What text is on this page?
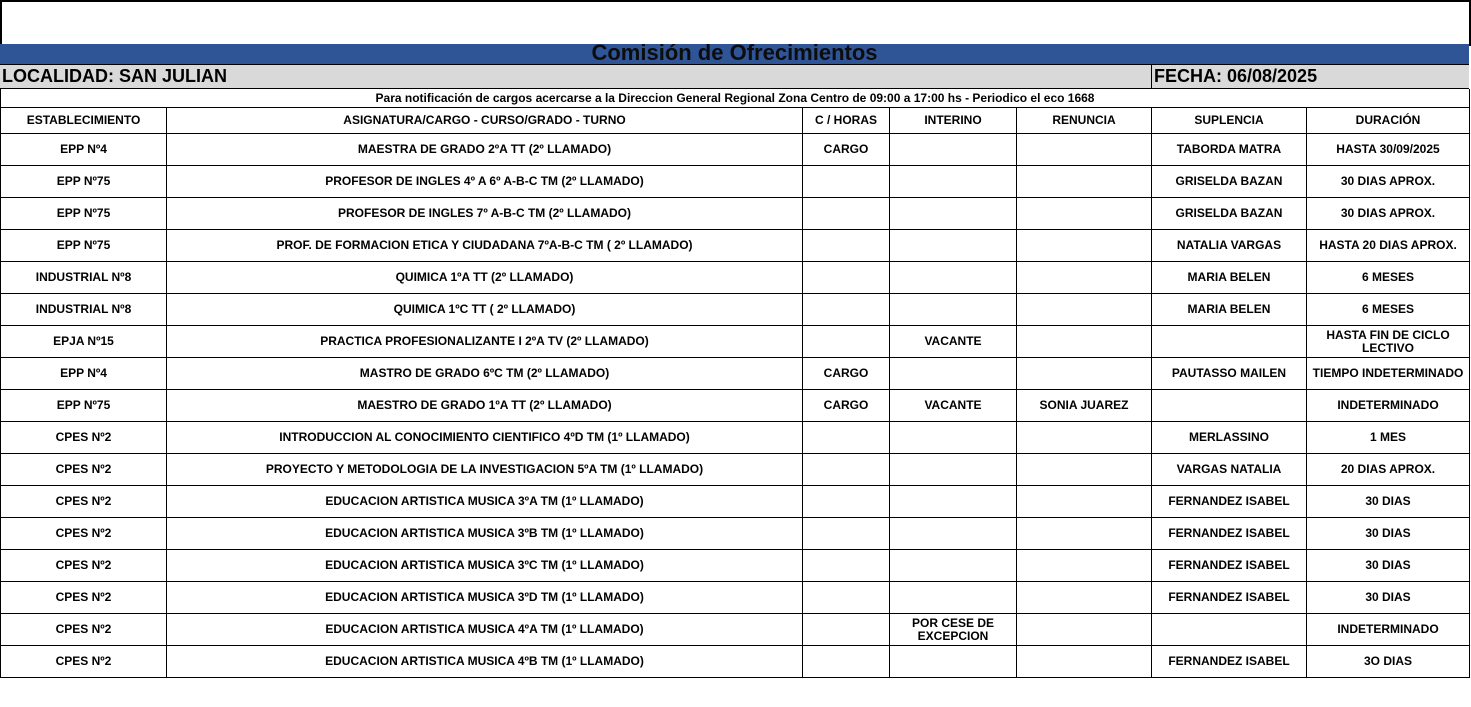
Comisión de Ofrecimientos
LOCALIDAD: SAN JULIAN	FECHA: 06/08/2025
Para notificación de cargos acercarse a la Direccion General Regional Zona Centro de 09:00 a 17:00 hs - Periodico el eco 1668
ESTABLECIMIENTO	ASIGNATURA/CARGO - CURSO/GRADO - TURNO	C / HORAS	INTERINO	RENUNCIA	SUPLENCIA	DURACIÓN
EPP Nº4	MAESTRA DE GRADO 2ºA TT (2º LLAMADO)	CARGO			TABORDA MATRA	HASTA 30/09/2025
EPP Nº75	PROFESOR DE INGLES 4º A 6º A-B-C TM (2º LLAMADO)				GRISELDA BAZAN	30 DIAS APROX.
EPP Nº75	PROFESOR DE INGLES 7º A-B-C TM (2º LLAMADO)				GRISELDA BAZAN	30 DIAS APROX.
EPP Nº75	PROF. DE FORMACION ETICA Y CIUDADANA 7ºA-B-C TM ( 2º LLAMADO)				NATALIA VARGAS	HASTA 20 DIAS APROX.
INDUSTRIAL Nº8	QUIMICA 1ºA TT (2º LLAMADO)				MARIA BELEN	6 MESES
INDUSTRIAL Nº8	QUIMICA 1ºC TT ( 2º LLAMADO)				MARIA BELEN	6 MESES
EPJA Nº15	PRACTICA PROFESIONALIZANTE I 2ºA TV (2º LLAMADO)		VACANTE			HASTA FIN DE CICLO LECTIVO
EPP Nº4	MASTRO DE GRADO 6ºC TM (2º LLAMADO)	CARGO			PAUTASSO MAILEN	TIEMPO INDETERMINADO
EPP Nº75	MAESTRO DE GRADO 1ºA TT (2º LLAMADO)	CARGO	VACANTE	SONIA JUAREZ		INDETERMINADO
CPES Nº2	INTRODUCCION AL CONOCIMIENTO CIENTIFICO 4ºD TM (1º LLAMADO)				MERLASSINO	1 MES
CPES Nº2	PROYECTO Y METODOLOGIA DE LA INVESTIGACION 5ºA TM (1º LLAMADO)				VARGAS NATALIA	20 DIAS APROX.
CPES Nº2	EDUCACION ARTISTICA MUSICA 3ºA TM (1º LLAMADO)				FERNANDEZ ISABEL	30 DIAS
CPES Nº2	EDUCACION ARTISTICA MUSICA 3ºB TM (1º LLAMADO)				FERNANDEZ ISABEL	30 DIAS
CPES Nº2	EDUCACION ARTISTICA MUSICA 3ºC TM (1º LLAMADO)				FERNANDEZ ISABEL	30 DIAS
CPES Nº2	EDUCACION ARTISTICA MUSICA 3ºD TM (1º LLAMADO)				FERNANDEZ ISABEL	30 DIAS
CPES Nº2	EDUCACION ARTISTICA MUSICA 4ºA TM (1º LLAMADO)		POR CESE DE EXCEPCION			INDETERMINADO
CPES Nº2	EDUCACION ARTISTICA MUSICA 4ºB TM (1º LLAMADO)				FERNANDEZ ISABEL	3O DIAS
